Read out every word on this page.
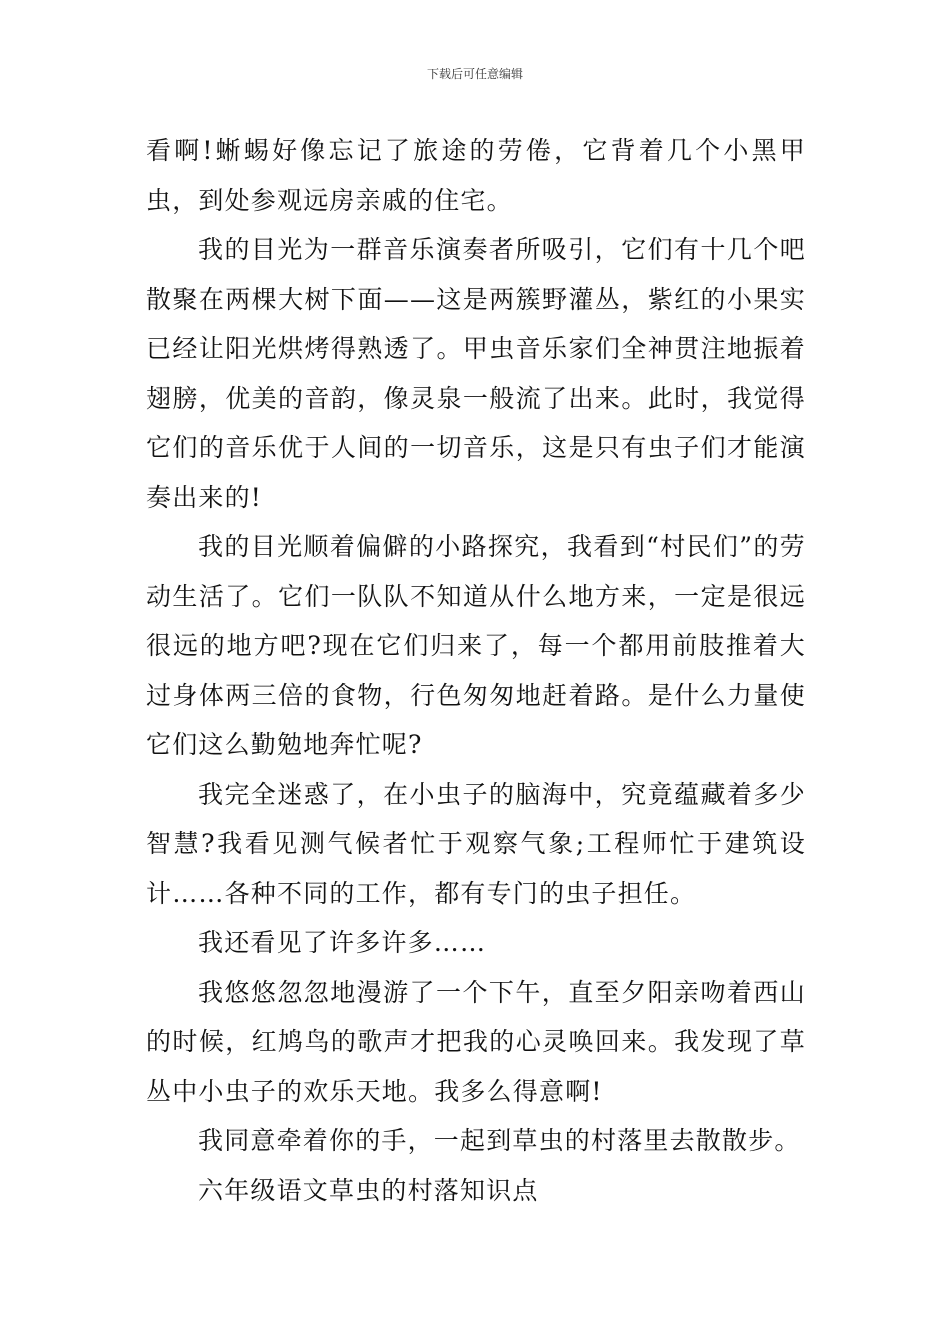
下载后可任意编辑

看啊!蜥蜴好像忘记了旅途的劳倦，它背着几个小黑甲虫，到处参观远房亲戚的住宅。

我的目光为一群音乐演奏者所吸引，它们有十几个吧散聚在两棵大树下面——这是两簇野灌丛，紫红的小果实已经让阳光烘烤得熟透了。甲虫音乐家们全神贯注地振着翅膀，优美的音韵，像灵泉一般流了出来。此时，我觉得它们的音乐优于人间的一切音乐，这是只有虫子们才能演奏出来的!

我的目光顺着偏僻的小路探究，我看到“村民们”的劳动生活了。它们一队队不知道从什么地方来，一定是很远很远的地方吧?现在它们归来了，每一个都用前肢推着大过身体两三倍的食物，行色匆匆地赶着路。是什么力量使它们这么勤勉地奔忙呢?

我完全迷惑了，在小虫子的脑海中，究竟蕴藏着多少智慧?我看见测气候者忙于观察气象;工程师忙于建筑设计……各种不同的工作，都有专门的虫子担任。

我还看见了许多许多……

我悠悠忽忽地漫游了一个下午，直至夕阳亲吻着西山的时候，红鸠鸟的歌声才把我的心灵唤回来。我发现了草丛中小虫子的欢乐天地。我多么得意啊!

我同意牵着你的手，一起到草虫的村落里去散散步。

六年级语文草虫的村落知识点
